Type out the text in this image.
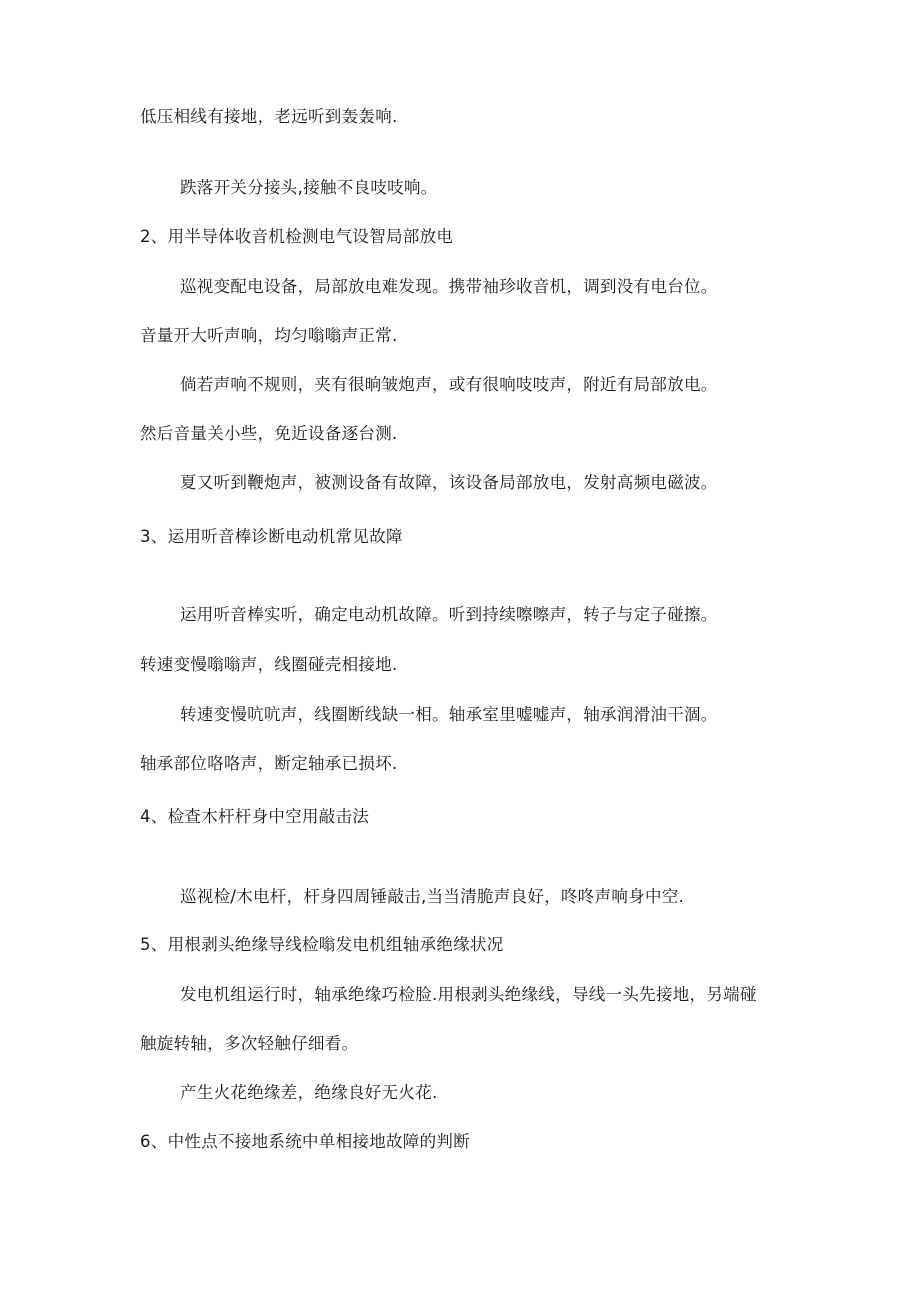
低压相线有接地，老远听到轰轰响.
跌落开关分接头,接触不良吱吱响。
2、用半导体收音机检测电气设智局部放电
巡视变配电设备，局部放电难发现。携带袖珍收音机，调到没有电台位。
音量开大听声响，均匀嗡嗡声正常.
倘若声响不规则，夹有很晌皱炮声，或有很响吱吱声，附近有局部放电。
然后音量关小些，免近设备逐台测.
夏又听到鞭炮声，被测设备有故障，该设备局部放电，发射高频电磁波。
3、运用听音棒诊断电动机常见故障
运用听音棒实听，确定电动机故障。听到持续嚓嚓声，转子与定子碰擦。
转速变慢嗡嗡声，线圈碰壳相接地.
转速变慢吭吭声，线圈断线缺一相。轴承室里嘘嘘声，轴承润滑油干涸。
轴承部位咯咯声，断定轴承已损坏.
4、检查木杆杆身中空用敲击法
巡视检/木电杆，杆身四周锤敲击,当当清脆声良好，咚咚声响身中空.
5、用根剥头绝缘导线检嗡发电机组轴承绝缘状况
发电机组运行时，轴承绝缘巧检脸.用根剥头绝缘线，导线一头先接地，另端碰
触旋转轴，多次轻触仔细看。
产生火花绝缘差，绝缘良好无火花.
6、中性点不接地系统中单相接地故障的判断
